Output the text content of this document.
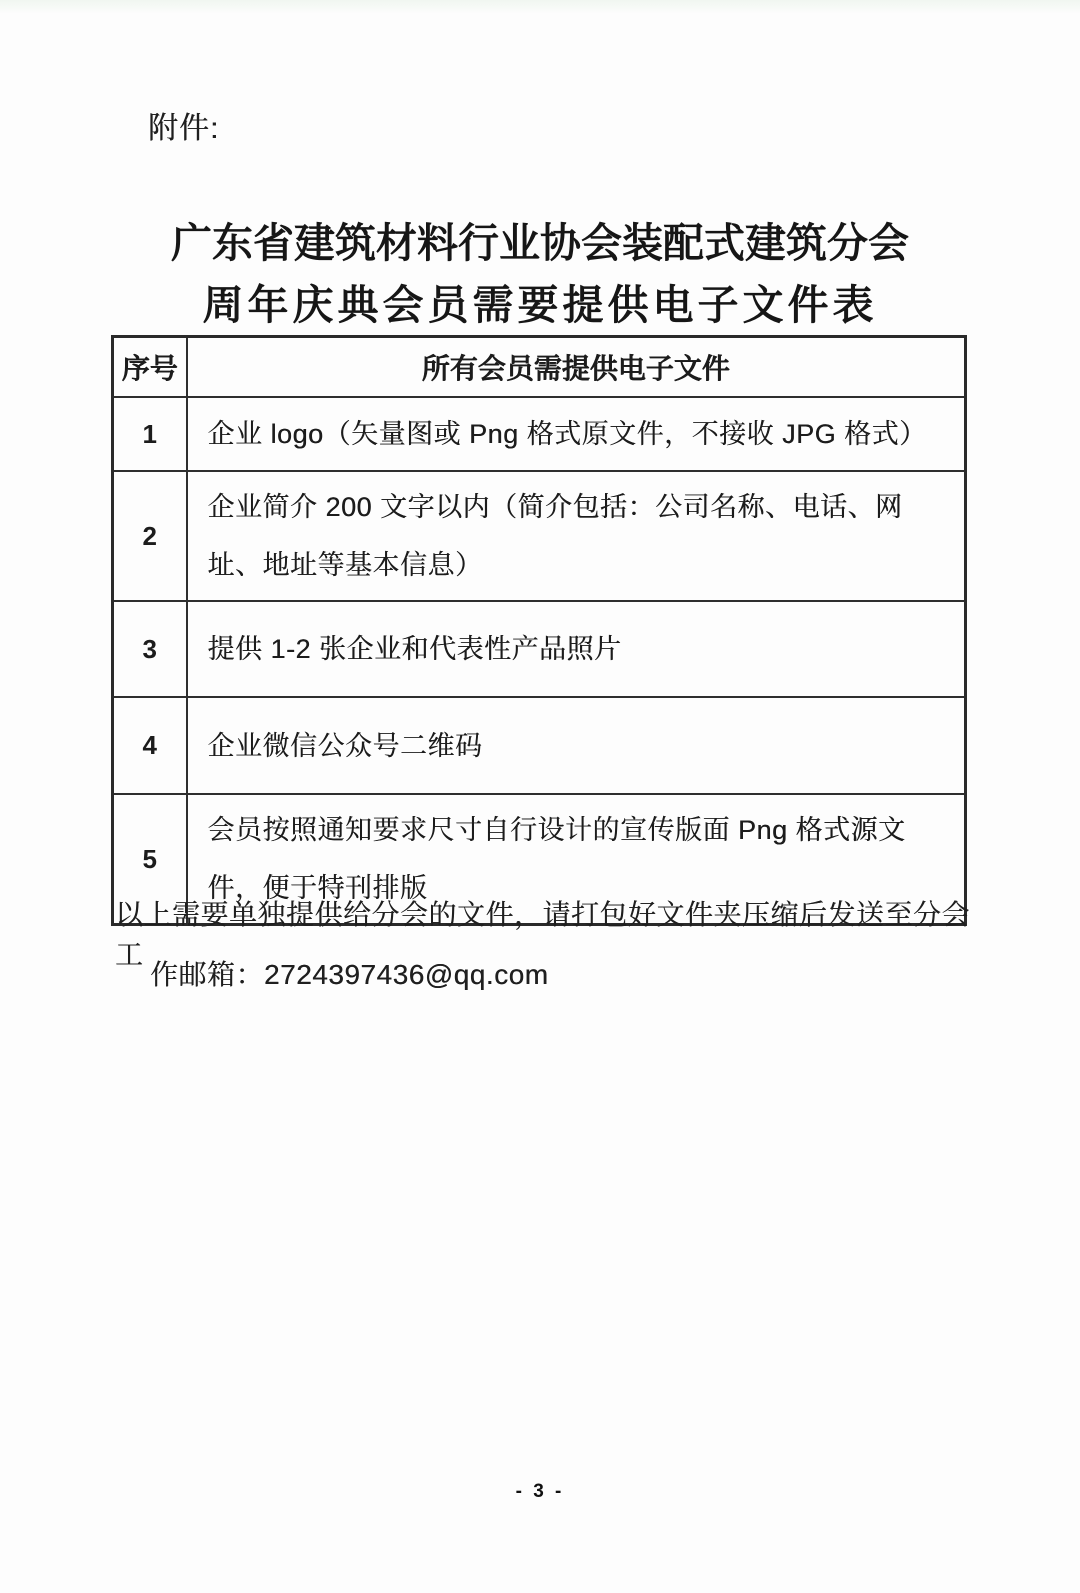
附件:
广东省建筑材料行业协会装配式建筑分会
周年庆典会员需要提供电子文件表
序号	所有会员需提供电子文件
1	企业 logo（矢量图或 Png 格式原文件，不接收 JPG 格式）
2	企业简介 200 文字以内（简介包括：公司名称、电话、网址、地址等基本信息）
3	提供 1-2 张企业和代表性产品照片
4	企业微信公众号二维码
5	会员按照通知要求尺寸自行设计的宣传版面 Png 格式源文件，便于特刊排版

以上需要单独提供给分会的文件，请打包好文件夹压缩后发送至分会工

作邮箱：2724397436@qq.com

- 3 -
